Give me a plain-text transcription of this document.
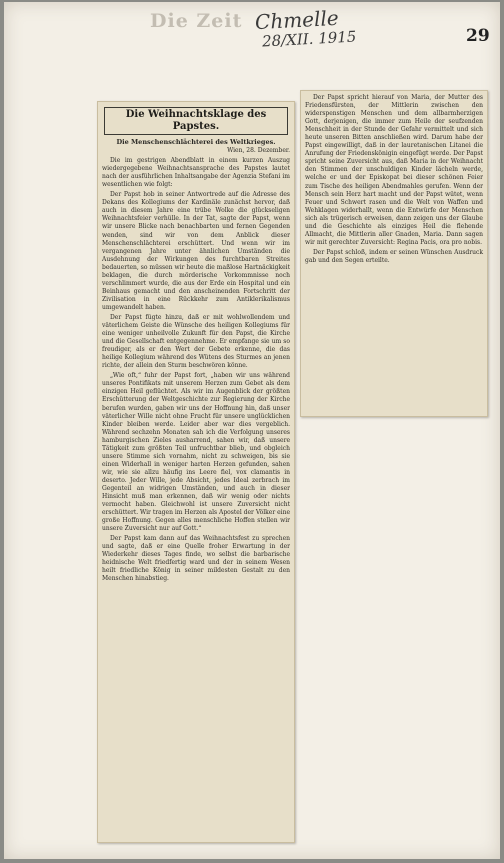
Die Zeit Chmelle
28/XII. 1915	29
Die Weihnachtsklage des Papstes.
Die Menschenschlächterei des Weltkrieges.
Wien, 28. Dezember.

Die im gestrigen Abendblatt in einem kurzen Auszug wiedergegebene Weihnachtsansprache des Papstes lautet nach der ausführlichen Inhaltsangabe der Agenzia Stefani im wesentlichen wie folgt:

Der Papst hob in seiner Antwortrede auf die Adresse des Dekans des Kollegiums der Kardinäle zunächst hervor, daß auch in diesem Jahre eine trübe Wolke die glückseligen Weihnachtsfeier verhülle. In der Tat, sagte der Papst, wenn wir unsere Blicke nach benachbarten und fernen Gegenden wenden, sind wir von dem Anblick dieser Menschenschlächterei erschüttert. Und wenn wir im vergangenen Jahre unter ähnlichen Umständen die Ausdehnung der Wirkungen des furchtbaren Streites bedauerten, so müssen wir heute die maßlose Hartnäckigkeit beklagen, die durch mörderische Vorkommnisse noch verschlimmert wurde, die aus der Erde ein Hospital und ein Beinhaus gemacht und den anscheinenden Fortschritt der Zivilisation in eine Rückkehr zum Antiklerikalismus umgewandelt haben.

Der Papst fügte hinzu, daß er mit wohlwollendem und väterlichem Geiste die Wünsche des heiligen Kollegiums für eine weniger unheilvolle Zukunft für den Papst, die Kirche und die Gesellschaft entgegennehme. Er empfange sie um so freudiger, als er den Wert der Gebete erkenne, die das heilige Kollegium während des Wütens des Sturmes an jenen richte, der allein den Sturm beschwören könne.

„Wie oft,“ fuhr der Papst fort, „haben wir uns während unseres Pontifikats mit unserem Herzen zum Gebet als dem einzigen Heil geflüchtet. Als wir im Augenblick der größten Erschütterung der Weltgeschichte zur Regierung der Kirche berufen wurden, gaben wir uns der Hoffnung hin, daß unser väterlicher Wille nicht ohne Frucht für unsere unglücklichen Kinder bleiben werde. Leider aber war dies vergeblich. Während sechzehn Monaten sah ich die Verfolgung unseres hamburgischen Zieles ausharrend, sahen wir, daß unsere Tätigkeit zum größten Teil unfruchtbar blieb, und obgleich unsere Stimme sich vornahm, nicht zu schweigen, bis sie einen Widerhall in weniger harten Herzen gefunden, sahen wir, wie sie allzu häufig ins Leere fiel, vox clamantis in deserto. Jeder Wille, jede Absicht, jedes Ideal zerbrach im Gegenteil an widrigen Umständen, und auch in dieser Hinsicht muß man erkennen, daß wir wenig oder nichts vermocht haben. Gleichwohl ist unsere Zuversicht nicht erschüttert. Wir tragen im Herzen als Apostel der Völker eine große Hoffnung. Gegen alles menschliche Hoffen stellen wir unsere Zuversicht nur auf Gott.“

Der Papst kam dann auf das Weihnachtsfest zu sprechen und sagte, daß er eine Quelle froher Erwartung in der Wiederkehr dieses Tages finde, wo selbst die barbarische heidnische Welt friedfertig ward und der in seinem Wesen heilt friedliche König in seiner mildesten Gestalt zu den Menschen hinabstieg.

Der Papst spricht hierauf von Maria, der Mutter des Friedensfürsten, der Mittlerin zwischen den widerspenstigen Menschen und dem allbarmherzigen Gott, derjenigen, die immer zum Heile der seufzenden Menschheit in der Stunde der Gefahr vermittelt und sich heute unseren Bitten anschließen wird. Darum habe der Papst eingewilligt, daß in der lauretanischen Litanei die Anrufung der Friedenskönigin eingefügt werde. Der Papst spricht seine Zuversicht aus, daß Maria in der Weihnacht den Stimmen der unschuldigen Kinder lächeln werde, welche er und der Episkopat bei dieser schönen Feier zum Tische des heiligen Abendmahles gerufen. Wenn der Mensch sein Herz hart macht und der Papst wütet, wenn Feuer und Schwert rasen und die Welt von Waffen und Wehklagen widerhallt, wenn die Entwürfe der Menschen sich als trügerisch erweisen, dann zeigen uns der Glaube und die Geschichte als einziges Heil die flehende Allmacht, die Mittlerin aller Gnaden, Maria. Dann sagen wir mit gerechter Zuversicht: Regina Pacis, ora pro nobis.

Der Papst schloß, indem er seinen Wünschen Ausdruck gab und den Segen erteilte.
